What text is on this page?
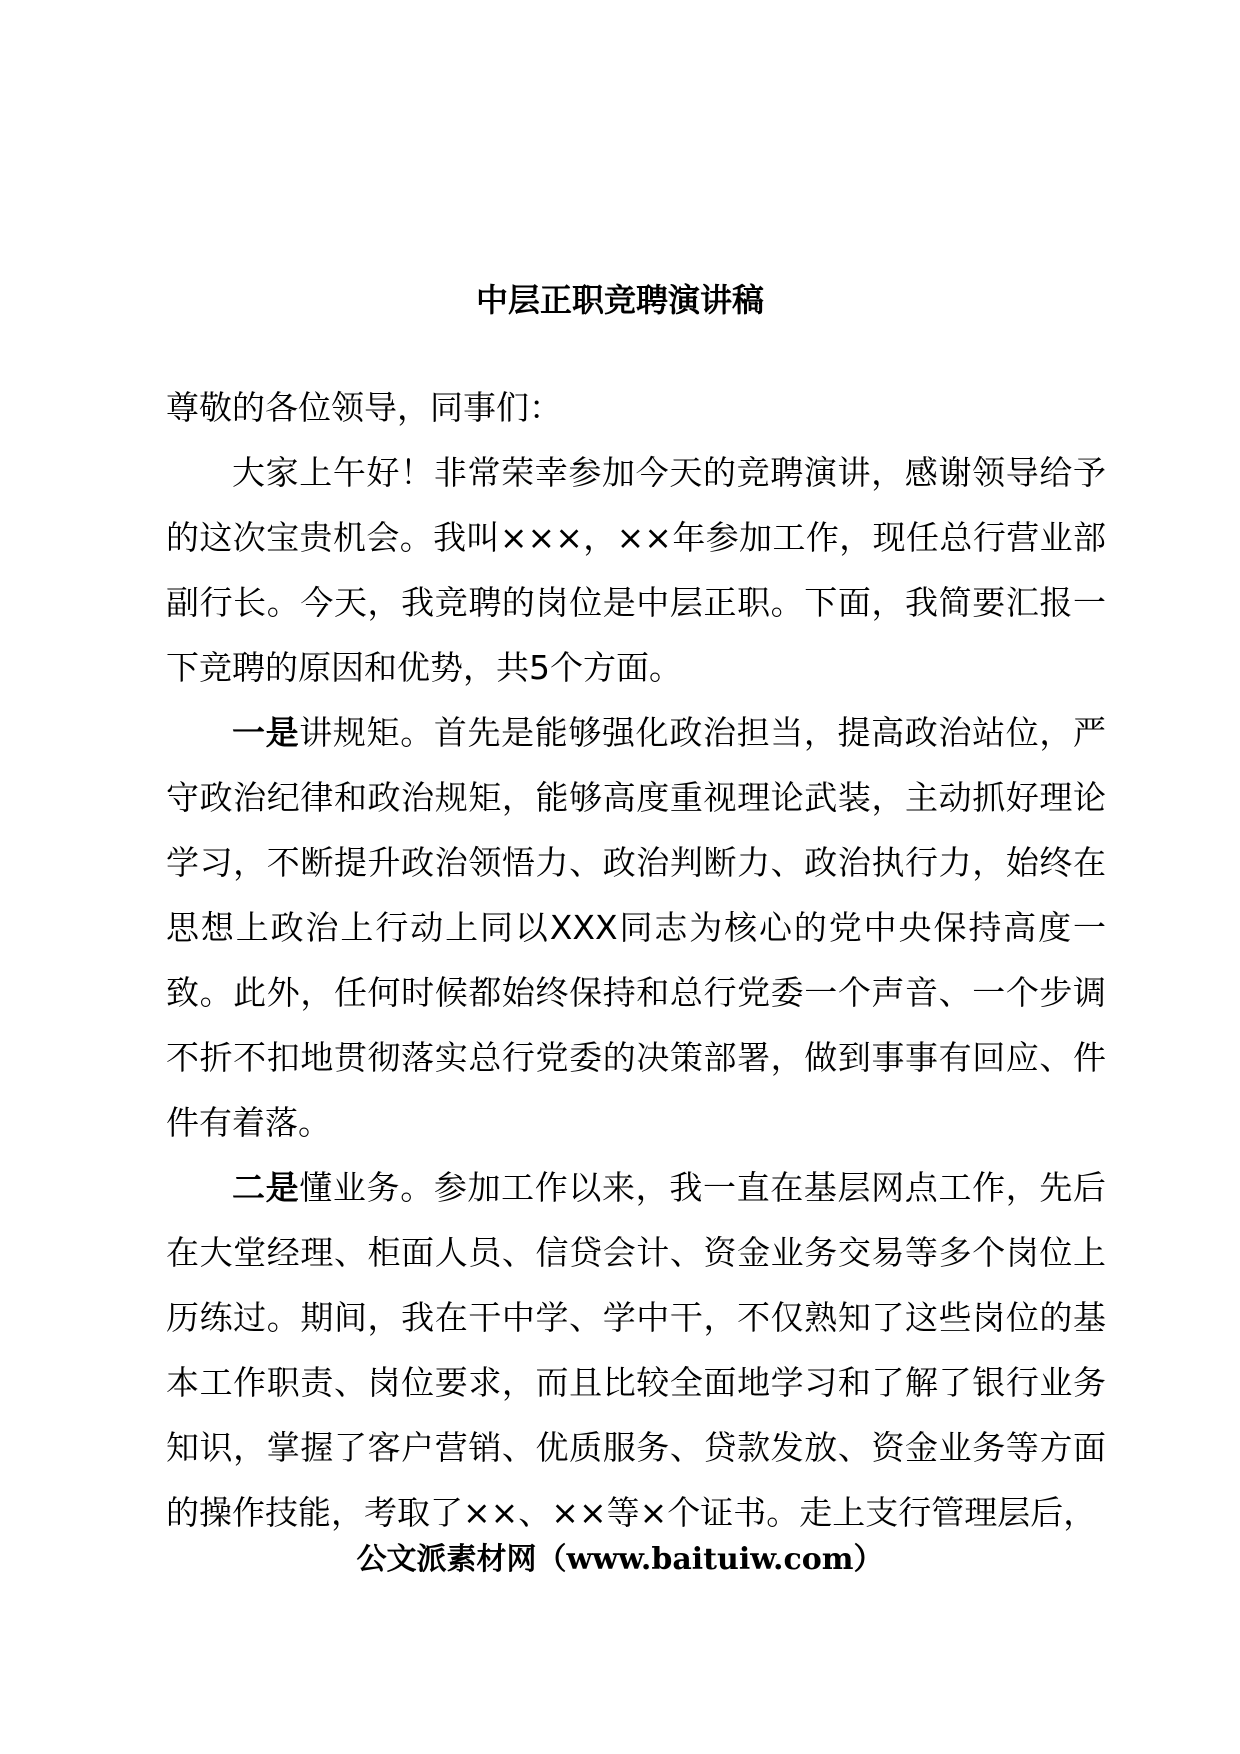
中层正职竞聘演讲稿

尊敬的各位领导，同事们：

大家上午好！非常荣幸参加今天的竞聘演讲，感谢领导给予的这次宝贵机会。我叫×××，××年参加工作，现任总行营业部副行长。今天，我竞聘的岗位是中层正职。下面，我简要汇报一下竞聘的原因和优势，共5个方面。

一是讲规矩。首先是能够强化政治担当，提高政治站位，严守政治纪律和政治规矩，能够高度重视理论武装，主动抓好理论学习，不断提升政治领悟力、政治判断力、政治执行力，始终在思想上政治上行动上同以XXX同志为核心的党中央保持高度一致。此外，任何时候都始终保持和总行党委一个声音、一个步调不折不扣地贯彻落实总行党委的决策部署，做到事事有回应、件件有着落。

二是懂业务。参加工作以来，我一直在基层网点工作，先后在大堂经理、柜面人员、信贷会计、资金业务交易等多个岗位上历练过。期间，我在干中学、学中干，不仅熟知了这些岗位的基本工作职责、岗位要求，而且比较全面地学习和了解了银行业务知识，掌握了客户营销、优质服务、贷款发放、资金业务等方面的操作技能，考取了××、××等×个证书。走上支行管理层后，

公文派素材网（www.baituiw.com）
